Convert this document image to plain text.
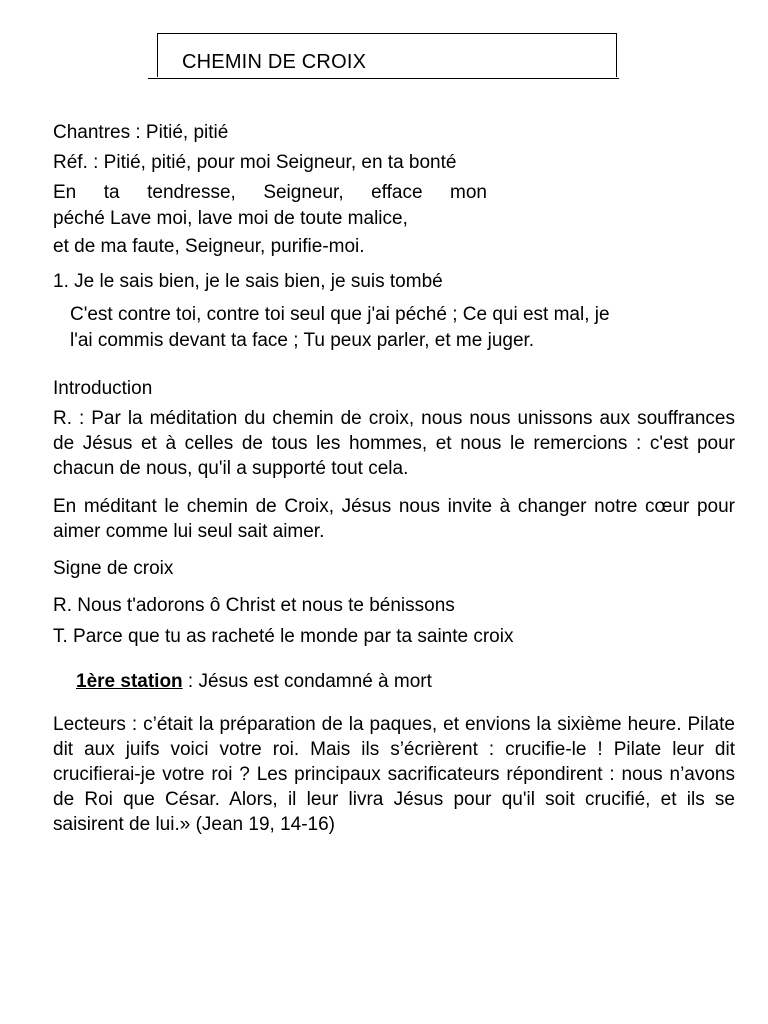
CHEMIN DE CROIX
Chantres : Pitié, pitié
Réf. : Pitié, pitié, pour moi Seigneur, en ta bonté
En ta tendresse, Seigneur, efface mon
péché Lave moi, lave moi de toute malice,
et de ma faute, Seigneur, purifie-moi.
1. Je le sais bien, je le sais bien, je suis tombé
C'est contre toi, contre toi seul que j'ai péché ; Ce qui est mal, je
l'ai commis devant ta face ; Tu peux parler, et me juger.
Introduction
R. : Par la méditation du chemin de croix, nous nous unissons aux souffrances de Jésus et à celles de tous les hommes, et nous le remercions : c'est pour chacun de nous, qu'il a supporté tout cela.
En méditant le chemin de Croix, Jésus nous invite à changer notre cœur pour aimer comme lui seul sait aimer.
Signe de croix
R. Nous t'adorons ô Christ et nous te bénissons
T. Parce que tu as racheté le monde par ta sainte croix
1ère station : Jésus est condamné à mort
Lecteurs : c’était la préparation de la paques, et envions la sixième heure. Pilate dit aux juifs voici votre roi. Mais ils s’écrièrent : crucifie-le ! Pilate leur dit crucifierai-je votre roi ? Les principaux sacrificateurs répondirent : nous n’avons de Roi que César. Alors, il leur livra Jésus pour qu'il soit crucifié, et ils se saisirent de lui.» (Jean 19, 14-16)
